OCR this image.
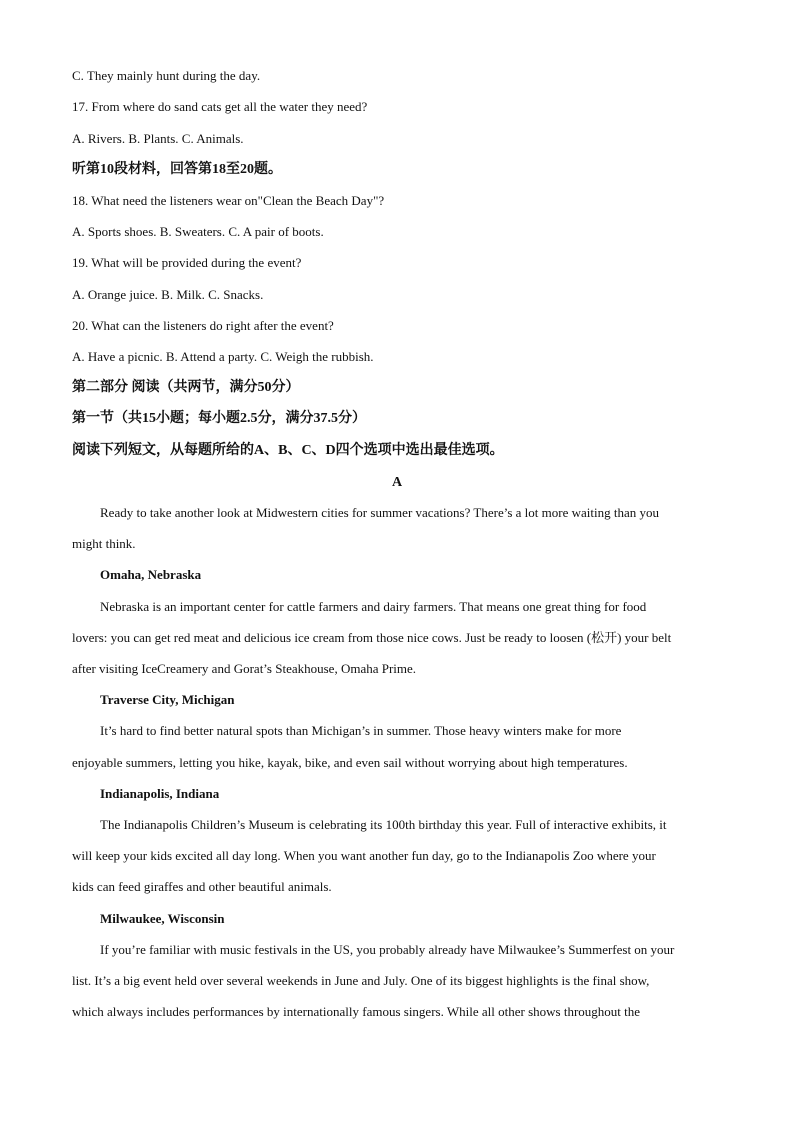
C. They mainly hunt during the day.
17. From where do sand cats get all the water they need?
A. Rivers. B. Plants. C. Animals.
听第10段材料，回答第18至20题。
18. What need the listeners wear on"Clean the Beach Day"?
A. Sports shoes. B. Sweaters. C. A pair of boots.
19. What will be provided during the event?
A. Orange juice. B. Milk. C. Snacks.
20. What can the listeners do right after the event?
A. Have a picnic. B. Attend a party. C. Weigh the rubbish.
第二部分 阅读（共两节，满分50分）
第一节（共15小题；每小题2.5分，满分37.5分）
阅读下列短文，从每题所给的A、B、C、D四个选项中选出最佳选项。
A
Ready to take another look at Midwestern cities for summer vacations? There’s a lot more waiting than you
might think.
Omaha, Nebraska
Nebraska is an important center for cattle farmers and dairy farmers. That means one great thing for food
lovers: you can get red meat and delicious ice cream from those nice cows. Just be ready to loosen (松开) your belt
after visiting IceCreamery and Gorat’s Steakhouse, Omaha Prime.
Traverse City, Michigan
It’s hard to find better natural spots than Michigan’s in summer. Those heavy winters make for more
enjoyable summers, letting you hike, kayak, bike, and even sail without worrying about high temperatures.
Indianapolis, Indiana
The Indianapolis Children’s Museum is celebrating its 100th birthday this year. Full of interactive exhibits, it
will keep your kids excited all day long. When you want another fun day, go to the Indianapolis Zoo where your
kids can feed giraffes and other beautiful animals.
Milwaukee, Wisconsin
If you’re familiar with music festivals in the US, you probably already have Milwaukee’s Summerfest on your
list. It’s a big event held over several weekends in June and July. One of its biggest highlights is the final show,
which always includes performances by internationally famous singers. While all other shows throughout the
